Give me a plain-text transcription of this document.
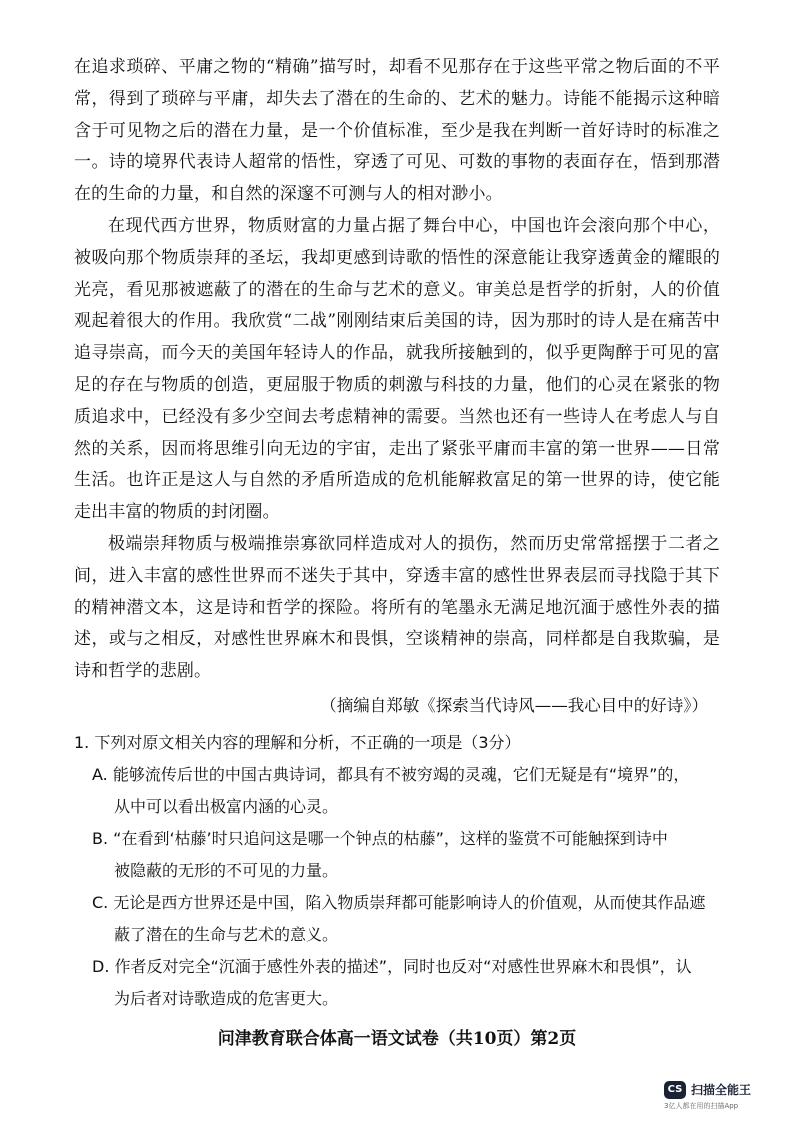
在追求琐碎、平庸之物的“精确”描写时，却看不见那存在于这些平常之物后面的不平常，得到了琐碎与平庸，却失去了潜在的生命的、艺术的魅力。诗能不能揭示这种暗含于可见物之后的潜在力量，是一个价值标准，至少是我在判断一首好诗时的标准之一。诗的境界代表诗人超常的悟性，穿透了可见、可数的事物的表面存在，悟到那潜在的生命的力量，和自然的深邃不可测与人的相对渺小。

在现代西方世界，物质财富的力量占据了舞台中心，中国也许会滚向那个中心，被吸向那个物质崇拜的圣坛，我却更感到诗歌的悟性的深意能让我穿透黄金的耀眼的光亮，看见那被遮蔽了的潜在的生命与艺术的意义。审美总是哲学的折射，人的价值观起着很大的作用。我欣赏“二战”刚刚结束后美国的诗，因为那时的诗人是在痛苦中追寻崇高，而今天的美国年轻诗人的作品，就我所接触到的，似乎更陶醉于可见的富足的存在与物质的创造，更屈服于物质的刺激与科技的力量，他们的心灵在紧张的物质追求中，已经没有多少空间去考虑精神的需要。当然也还有一些诗人在考虑人与自然的关系，因而将思维引向无边的宇宙，走出了紧张平庸而丰富的第一世界——日常生活。也许正是这人与自然的矛盾所造成的危机能解救富足的第一世界的诗，使它能走出丰富的物质的封闭圈。

极端崇拜物质与极端推崇寡欲同样造成对人的损伤，然而历史常常摇摆于二者之间，进入丰富的感性世界而不迷失于其中，穿透丰富的感性世界表层而寻找隐于其下的精神潜文本，这是诗和哲学的探险。将所有的笔墨永无满足地沉湎于感性外表的描述，或与之相反，对感性世界麻木和畏惧，空谈精神的崇高，同样都是自我欺骗，是诗和哲学的悲剧。

（摘编自郑敏《探索当代诗风——我心目中的好诗》）

1. 下列对原文相关内容的理解和分析，不正确的一项是（3分）

A. 能够流传后世的中国古典诗词，都具有不被穷竭的灵魂，它们无疑是有“境界”的，
从中可以看出极富内涵的心灵。

B. “在看到‘枯藤’时只追问这是哪一个钟点的枯藤”，这样的鉴赏不可能触探到诗中
被隐蔽的无形的不可见的力量。

C. 无论是西方世界还是中国，陷入物质崇拜都可能影响诗人的价值观，从而使其作品遮
蔽了潜在的生命与艺术的意义。

D. 作者反对完全“沉湎于感性外表的描述”，同时也反对“对感性世界麻木和畏惧”，认
为后者对诗歌造成的危害更大。

问津教育联合体高一语文试卷（共10页）第2页
CS 扫描全能王
3亿人都在用的扫描App
